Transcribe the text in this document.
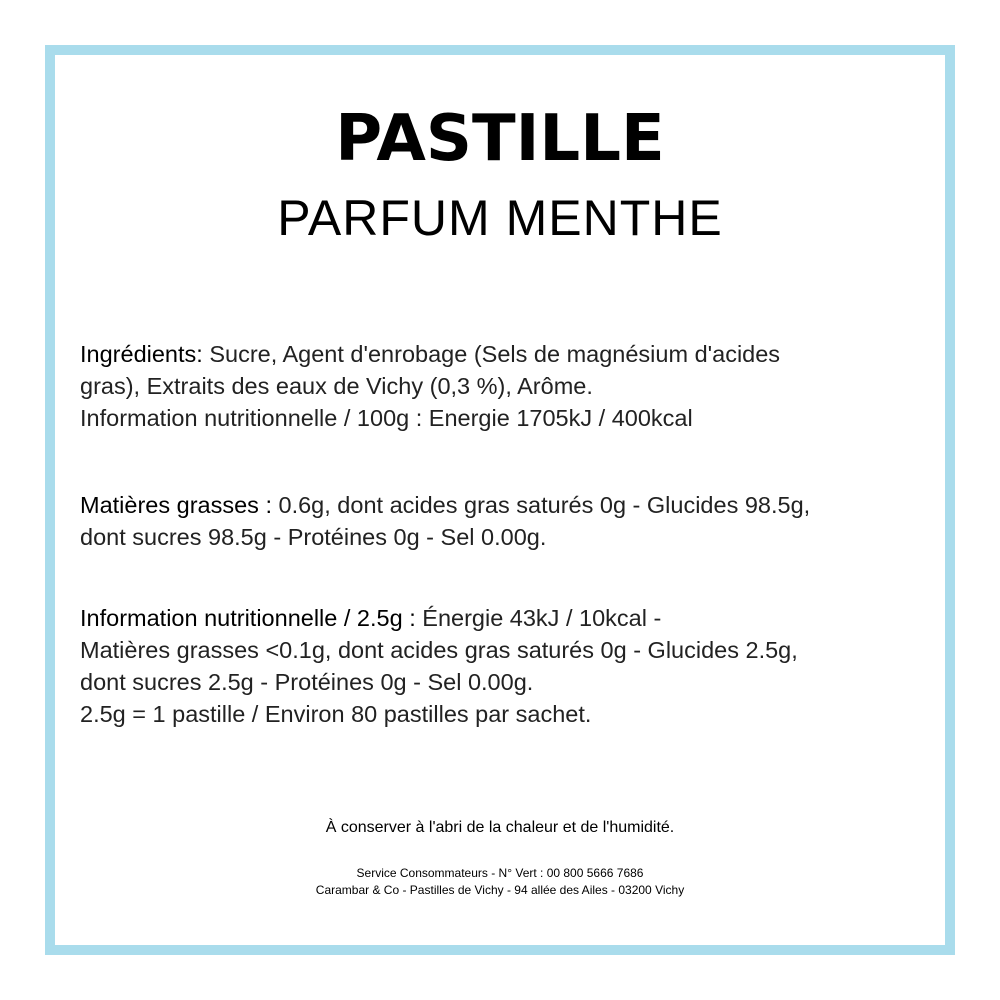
PASTILLE
PARFUM MENTHE
Ingrédients: Sucre, Agent d'enrobage (Sels de magnésium d'acides
gras), Extraits des eaux de Vichy (0,3 %), Arôme.
Information nutritionnelle / 100g : Energie 1705kJ / 400kcal
Matières grasses : 0.6g, dont acides gras saturés 0g - Glucides 98.5g,
dont sucres 98.5g - Protéines 0g - Sel 0.00g.
Information nutritionnelle / 2.5g : Énergie 43kJ / 10kcal -
Matières grasses <0.1g, dont acides gras saturés 0g - Glucides 2.5g,
dont sucres 2.5g - Protéines 0g - Sel 0.00g.
2.5g = 1 pastille / Environ 80 pastilles par sachet.
À conserver à l'abri de la chaleur et de l'humidité.
Service Consommateurs - N° Vert : 00 800 5666 7686
Carambar & Co - Pastilles de Vichy - 94 allée des Ailes - 03200 Vichy
